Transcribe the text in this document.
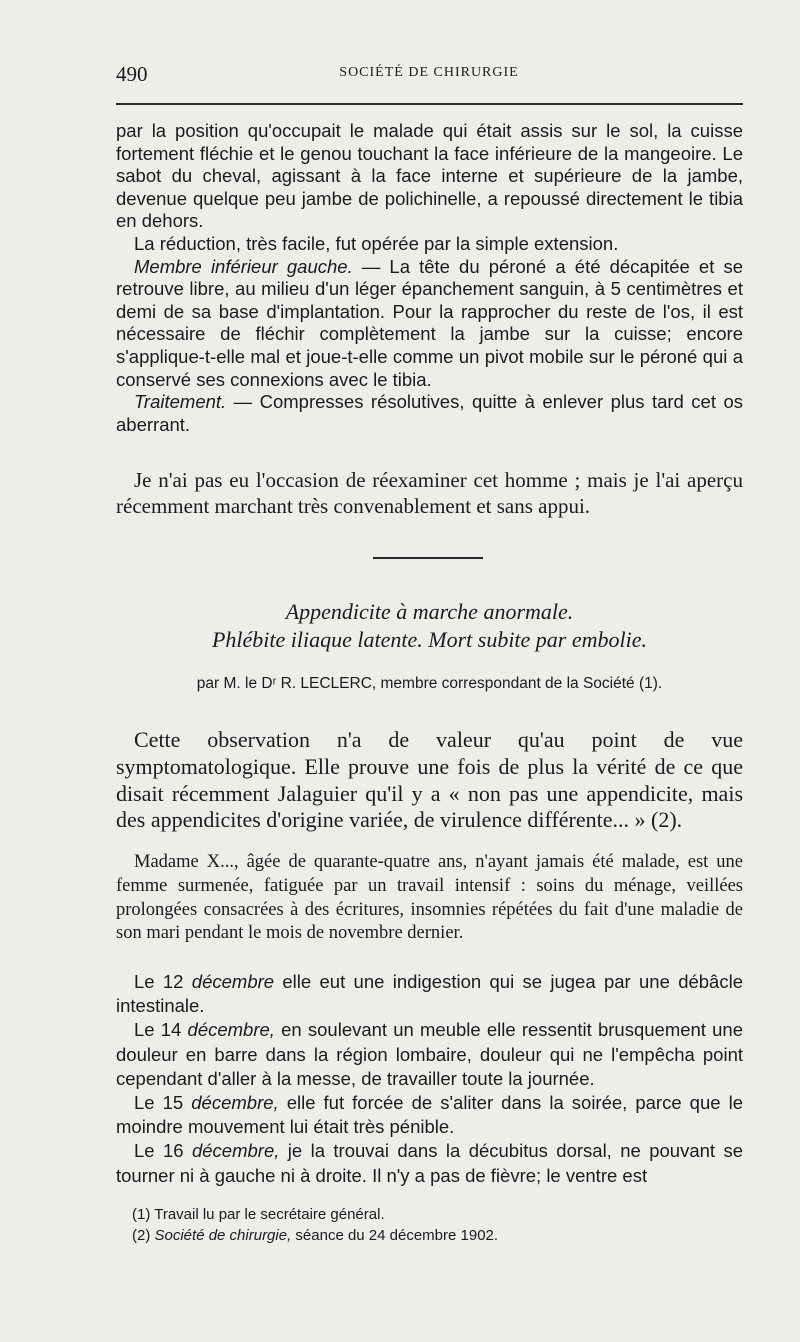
490	SOCIÉTÉ DE CHIRURGIE

par la position qu'occupait le malade qui était assis sur le sol, la cuisse fortement fléchie et le genou touchant la face inférieure de la mangeoire. Le sabot du cheval, agissant à la face interne et supérieure de la jambe, devenue quelque peu jambe de polichinelle, a repoussé directement le tibia en dehors.

La réduction, très facile, fut opérée par la simple extension.

Membre inférieur gauche. — La tête du péroné a été décapitée et se retrouve libre, au milieu d'un léger épanchement sanguin, à 5 centimètres et demi de sa base d'implantation. Pour la rapprocher du reste de l'os, il est nécessaire de fléchir complètement la jambe sur la cuisse; encore s'applique-t-elle mal et joue-t-elle comme un pivot mobile sur le péroné qui a conservé ses connexions avec le tibia.

Traitement. — Compresses résolutives, quitte à enlever plus tard cet os aberrant.

Je n'ai pas eu l'occasion de réexaminer cet homme ; mais je l'ai aperçu récemment marchant très convenablement et sans appui.

Appendicite à marche anormale.
Phlébite iliaque latente. Mort subite par embolie.
par M. le Dʳ R. LECLERC, membre correspondant de la Société (1).

Cette observation n'a de valeur qu'au point de vue symptomatologique. Elle prouve une fois de plus la vérité de ce que disait récemment Jalaguier qu'il y a « non pas une appendicite, mais des appendicites d'origine variée, de virulence différente... » (2).

Madame X..., âgée de quarante-quatre ans, n'ayant jamais été malade, est une femme surmenée, fatiguée par un travail intensif : soins du ménage, veillées prolongées consacrées à des écritures, insomnies répétées du fait d'une maladie de son mari pendant le mois de novembre dernier.

Le 12 décembre elle eut une indigestion qui se jugea par une débâcle intestinale.

Le 14 décembre, en soulevant un meuble elle ressentit brusquement une douleur en barre dans la région lombaire, douleur qui ne l'empêcha point cependant d'aller à la messe, de travailler toute la journée.

Le 15 décembre, elle fut forcée de s'aliter dans la soirée, parce que le moindre mouvement lui était très pénible.

Le 16 décembre, je la trouvai dans la décubitus dorsal, ne pouvant se tourner ni à gauche ni à droite. Il n'y a pas de fièvre; le ventre est

(1) Travail lu par le secrétaire général.

(2) Société de chirurgie, séance du 24 décembre 1902.
